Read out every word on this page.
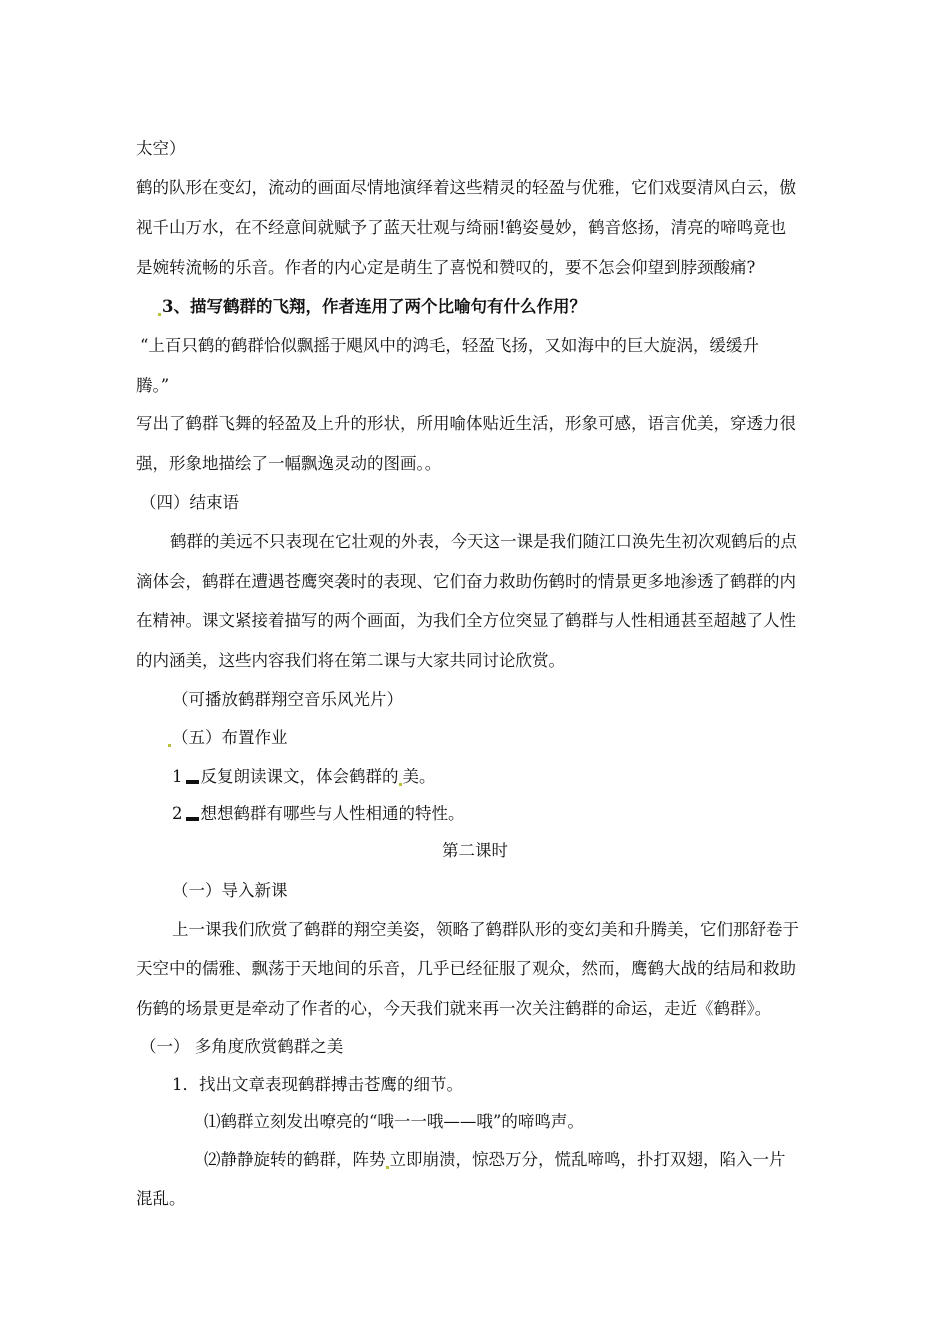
太空）
鹤的队形在变幻，流动的画面尽情地演绎着这些精灵的轻盈与优雅，它们戏耍清风白云，傲
视千山万水，在不经意间就赋予了蓝天壮观与绮丽!鹤姿曼妙，鹤音悠扬，清亮的啼鸣竟也
是婉转流畅的乐音。作者的内心定是萌生了喜悦和赞叹的，要不怎会仰望到脖颈酸痛?
3、描写鹤群的飞翔，作者连用了两个比喻句有什么作用？
“上百只鹤的鹤群恰似飘摇于飓风中的鸿毛，轻盈飞扬，又如海中的巨大旋涡，缓缓升
腾。”
写出了鹤群飞舞的轻盈及上升的形状，所用喻体贴近生活，形象可感，语言优美，穿透力很
强，形象地描绘了一幅飘逸灵动的图画。。
（四）结束语
鹤群的美远不只表现在它壮观的外表，今天这一课是我们随江口涣先生初次观鹤后的点
滴体会，鹤群在遭遇苍鹰突袭时的表现、它们奋力救助伤鹤时的情景更多地渗透了鹤群的内
在精神。课文紧接着描写的两个画面，为我们全方位突显了鹤群与人性相通甚至超越了人性
的内涵美，这些内容我们将在第二课与大家共同讨论欣赏。
（可播放鹤群翔空音乐风光片）
（五）布置作业
1 反复朗读课文，体会鹤群的 美。
2 想想鹤群有哪些与人性相通的特性。
第二课时
（一）导入新课
上一课我们欣赏了鹤群的翔空美姿，领略了鹤群队形的变幻美和升腾美，它们那舒卷于
天空中的儒雅、飘荡于天地间的乐音，几乎已经征服了观众，然而，鹰鹤大战的结局和救助
伤鹤的场景更是牵动了作者的心，今天我们就来再一次关注鹤群的命运，走近《鹤群》。
（一） 多角度欣赏鹤群之美
1．找出文章表现鹤群搏击苍鹰的细节。
⑴鹤群立刻发出嘹亮的“哦一一哦——哦”的啼鸣声。
⑵静静旋转的鹤群，阵势 立即崩溃，惊恐万分，慌乱啼鸣，扑打双翅，陷入一片
混乱。
